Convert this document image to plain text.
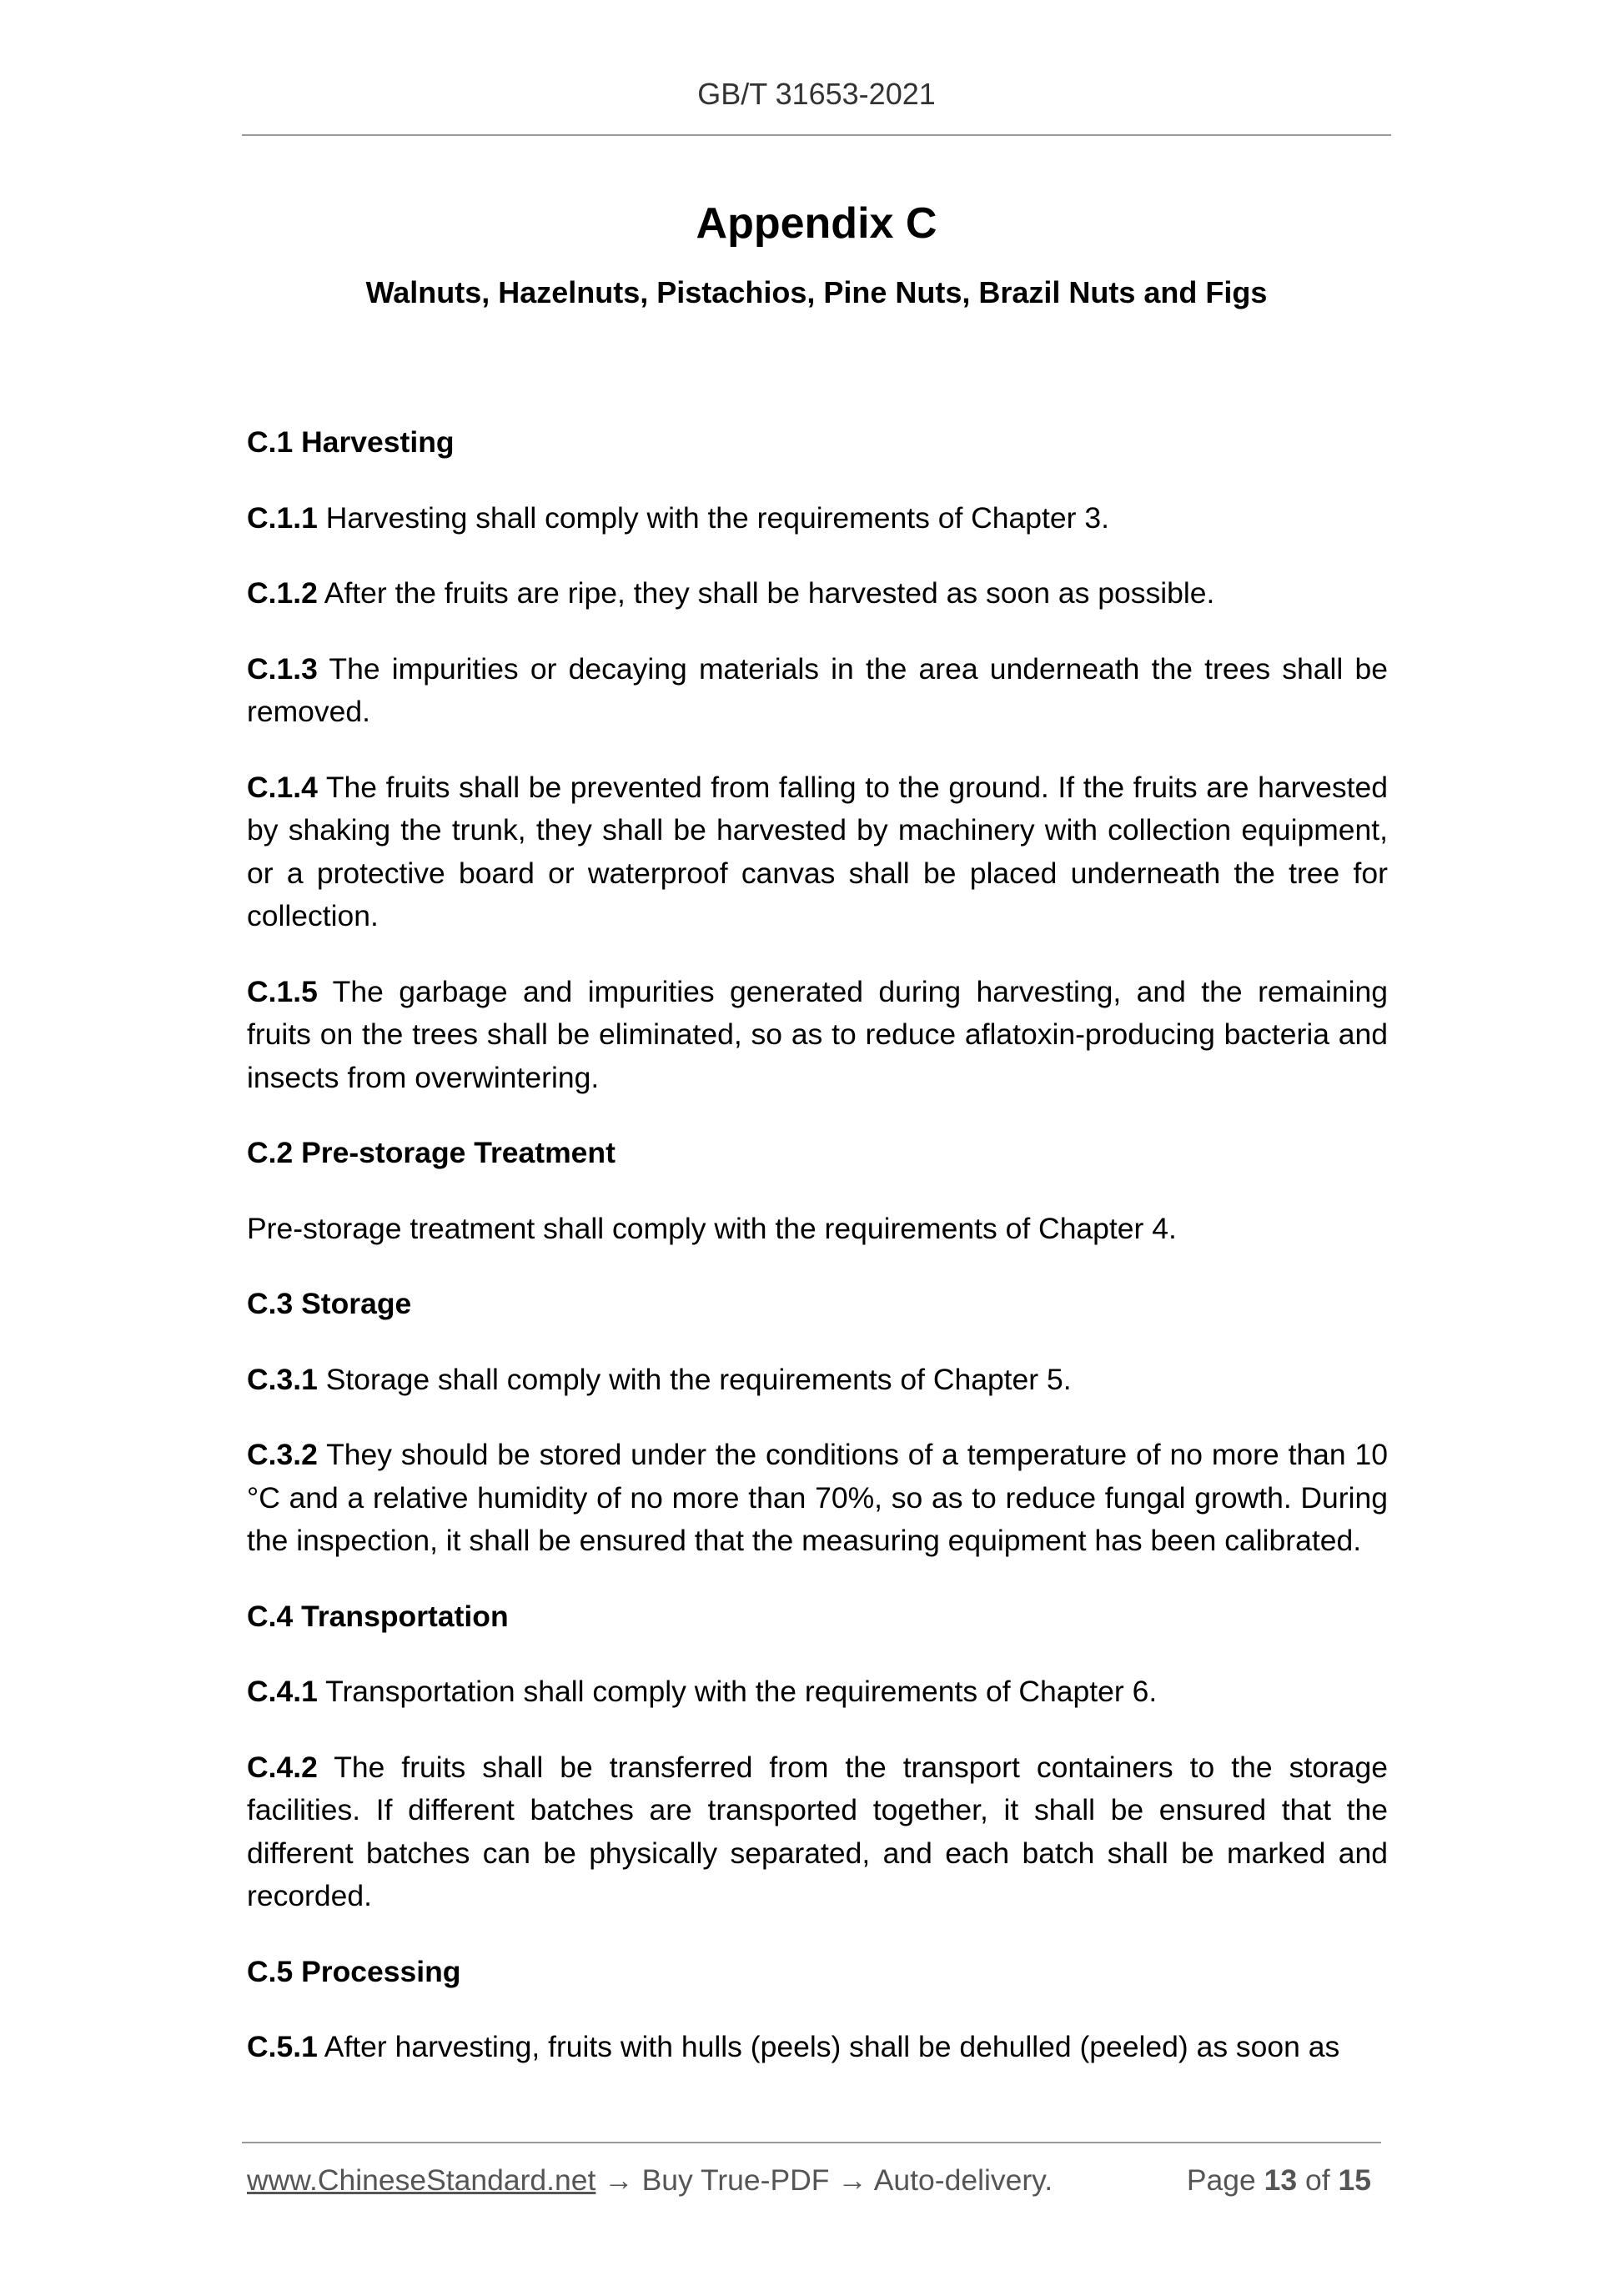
GB/T 31653-2021
Appendix C
Walnuts, Hazelnuts, Pistachios, Pine Nuts, Brazil Nuts and Figs
C.1 Harvesting

C.1.1 Harvesting shall comply with the requirements of Chapter 3.

C.1.2 After the fruits are ripe, they shall be harvested as soon as possible.

C.1.3 The impurities or decaying materials in the area underneath the trees shall be removed.

C.1.4 The fruits shall be prevented from falling to the ground. If the fruits are harvested by shaking the trunk, they shall be harvested by machinery with collection equipment, or a protective board or waterproof canvas shall be placed underneath the tree for collection.

C.1.5 The garbage and impurities generated during harvesting, and the remaining fruits on the trees shall be eliminated, so as to reduce aflatoxin-producing bacteria and insects from overwintering.

C.2 Pre-storage Treatment

Pre-storage treatment shall comply with the requirements of Chapter 4.

C.3 Storage

C.3.1 Storage shall comply with the requirements of Chapter 5.

C.3.2 They should be stored under the conditions of a temperature of no more than 10 °C and a relative humidity of no more than 70%, so as to reduce fungal growth. During the inspection, it shall be ensured that the measuring equipment has been calibrated.

C.4 Transportation

C.4.1 Transportation shall comply with the requirements of Chapter 6.

C.4.2 The fruits shall be transferred from the transport containers to the storage facilities. If different batches are transported together, it shall be ensured that the different batches can be physically separated, and each batch shall be marked and recorded.

C.5 Processing

C.5.1 After harvesting, fruits with hulls (peels) shall be dehulled (peeled) as soon as

www.ChineseStandard.net → Buy True-PDF → Auto-delivery.	Page 13 of 15
